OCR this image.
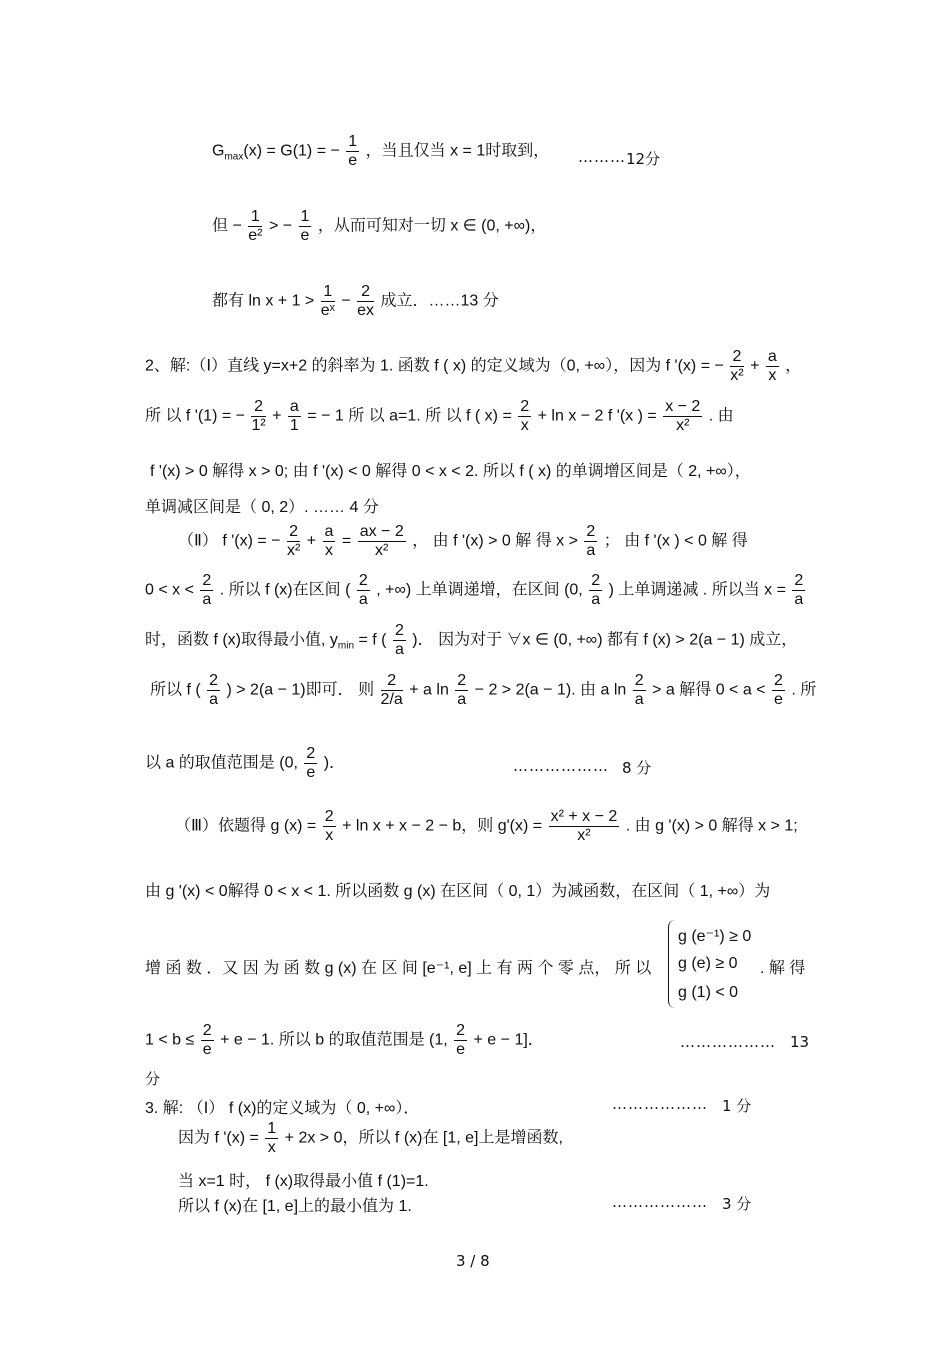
$G_{max}(x) = G(1)$ = − $\frac{1}{e}$ ，当且仅当 x = 1时取到， ……… 12分
但 − $\frac{1}{\text{e²}}$ > − $\frac{1}{e}$ ，从而可知对一切 x ∈ (0, +∞)，
都有 $\ln x + 1 > \frac{1}{\text{eˣ}} - \frac{2}{ex}$ 成立．……13 分
2、解:（Ⅰ）直线 y=x+2 的斜率为 1. 函数 f ( x) 的定义域为（0, +∞），因为 f '(x) = − $\frac{2}{\text{x²}} + \frac{a}{x}$ ，
所 以 f '(1) = − $\frac{2}{\text{1²}} + \frac{a}{1}$ = − 1 所 以 a=1. 所 以 f ( $x) = \frac{2}{x} + \ln x - 2$ f '(x ) = $\frac{x - 2}{\text{x²}}$ . 由
f '(x) > 0 解得 x > 0; 由 f '(x) < 0 解得 0 < x < 2. 所以 f ( x) 的单调增区间是（ 2, +∞），
单调减区间是（ 0, 2）. …… 4 分
（Ⅱ） f '(x) = − $\frac{2}{\text{x²}} + \frac{a}{x} = \frac{ax - 2}{\text{x²}}$ ， 由 f '(x) > 0 解 得 $x > \frac{2}{a}$ ； 由 f '(x ) < 0 解 得
$0 < x < \frac{2}{a}$ . 所以 f (x)在区间 ( $\frac{2}{a}$ , +∞) 上单调递增，在区间 (0, $\frac{2}{a}$ ) 上单调递减 . 所以当 $x = \frac{2}{a}$
时，函数 f (x)取得最小值, $y_{min} = f$ ( $\frac{2}{a}$ )． 因为对于 ∀x ∈ (0, +∞) 都有 f (x) > 2(a − 1) 成立，
所以 f ( $\frac{2}{a}$ ) > 2(a − 1)即可． 则 $\frac{2}{2/a} + a$ $\ln \frac{2}{a} - 2 > 2(a - 1)$. 由 a $\ln \frac{2}{a} > a$ 解得 $0 < a < \frac{2}{e}$ . 所
以 a 的取值范围是 (0, $\frac{2}{e}$ )．	……………… 8 分
（Ⅲ）依题得 g $(x) = \frac{2}{x} + \ln x + x - 2 - b$，则 $g'(x) = \frac{\text{x² + x − 2}}{\text{x²}}$ . 由 g '(x) > 0 解得 x > 1;
由 g '(x) < 0解得 0 < x < 1. 所以函数 g (x) 在区间（ 0, 1）为减函数，在区间（ 1, +∞）为
增 函 数 ．又 因 为 函 数 g (x) 在 区 间 [e⁻¹, e] 上 有 两 个 零 点， 所 以
g (e⁻¹) ≥ 0
g (e) ≥ 0
g (1) < 0
. 解 得
$1 < b \le \frac{2}{e} + e - 1$. 所以 b 的取值范围是 (1, $\frac{2}{e} + e - 1$]．	……………… 13
分
3. 解: （Ⅰ） f (x)的定义域为（ 0, +∞）．	……………… 1 分
因为 f '$(x) = \frac{1}{x} + 2x > 0$，所以 f (x)在 [1, e]上是增函数,
当 x=1 时， f (x)取得最小值 f (1)=1.
所以 f (x)在 [1, e]上的最小值为 1.	……………… 3 分
3 / 8
